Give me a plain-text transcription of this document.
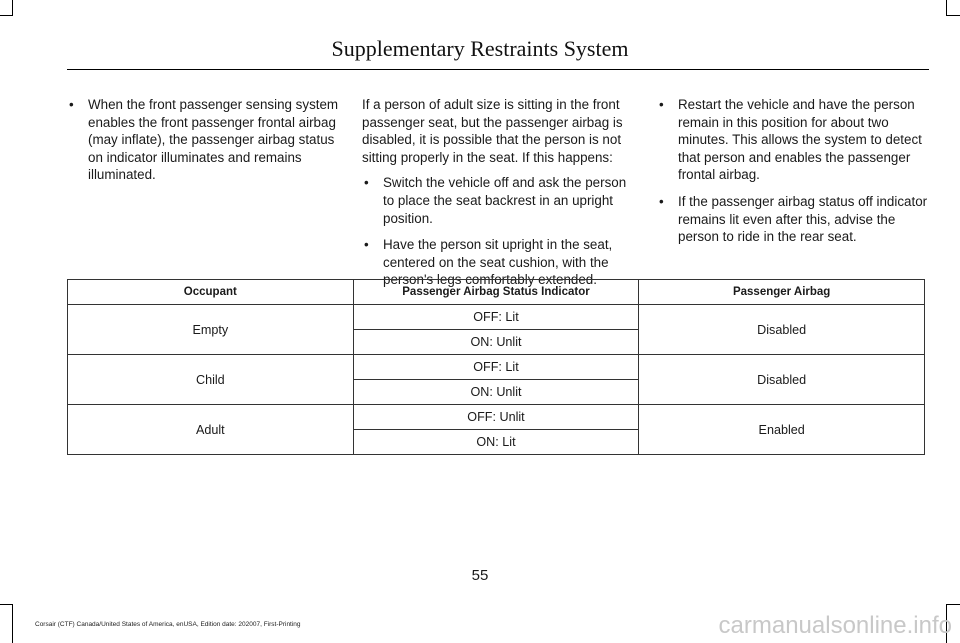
Supplementary Restraints System
• When the front passenger sensing system enables the front passenger frontal airbag (may inflate), the passenger airbag status on indicator illuminates and remains illuminated.

If a person of adult size is sitting in the front passenger seat, but the passenger airbag is disabled, it is possible that the person is not sitting properly in the seat. If this happens:

• Switch the vehicle off and ask the person to place the seat backrest in an upright position.
• Have the person sit upright in the seat, centered on the seat cushion, with the person's legs comfortably extended.
• Restart the vehicle and have the person remain in this position for about two minutes. This allows the system to detect that person and enables the passenger frontal airbag.
• If the passenger airbag status off indicator remains lit even after this, advise the person to ride in the rear seat.
Occupant	Passenger Airbag Status Indicator	Passenger Airbag
Empty	OFF: Lit	Disabled
	ON: Unlit	
Child	OFF: Lit	Disabled
	ON: Unlit	
Adult	OFF: Unlit	Enabled
	ON: Lit	
55
Corsair (CTF) Canada/United States of America, enUSA, Edition date: 202007, First-Printing	carmanualsonline.info
